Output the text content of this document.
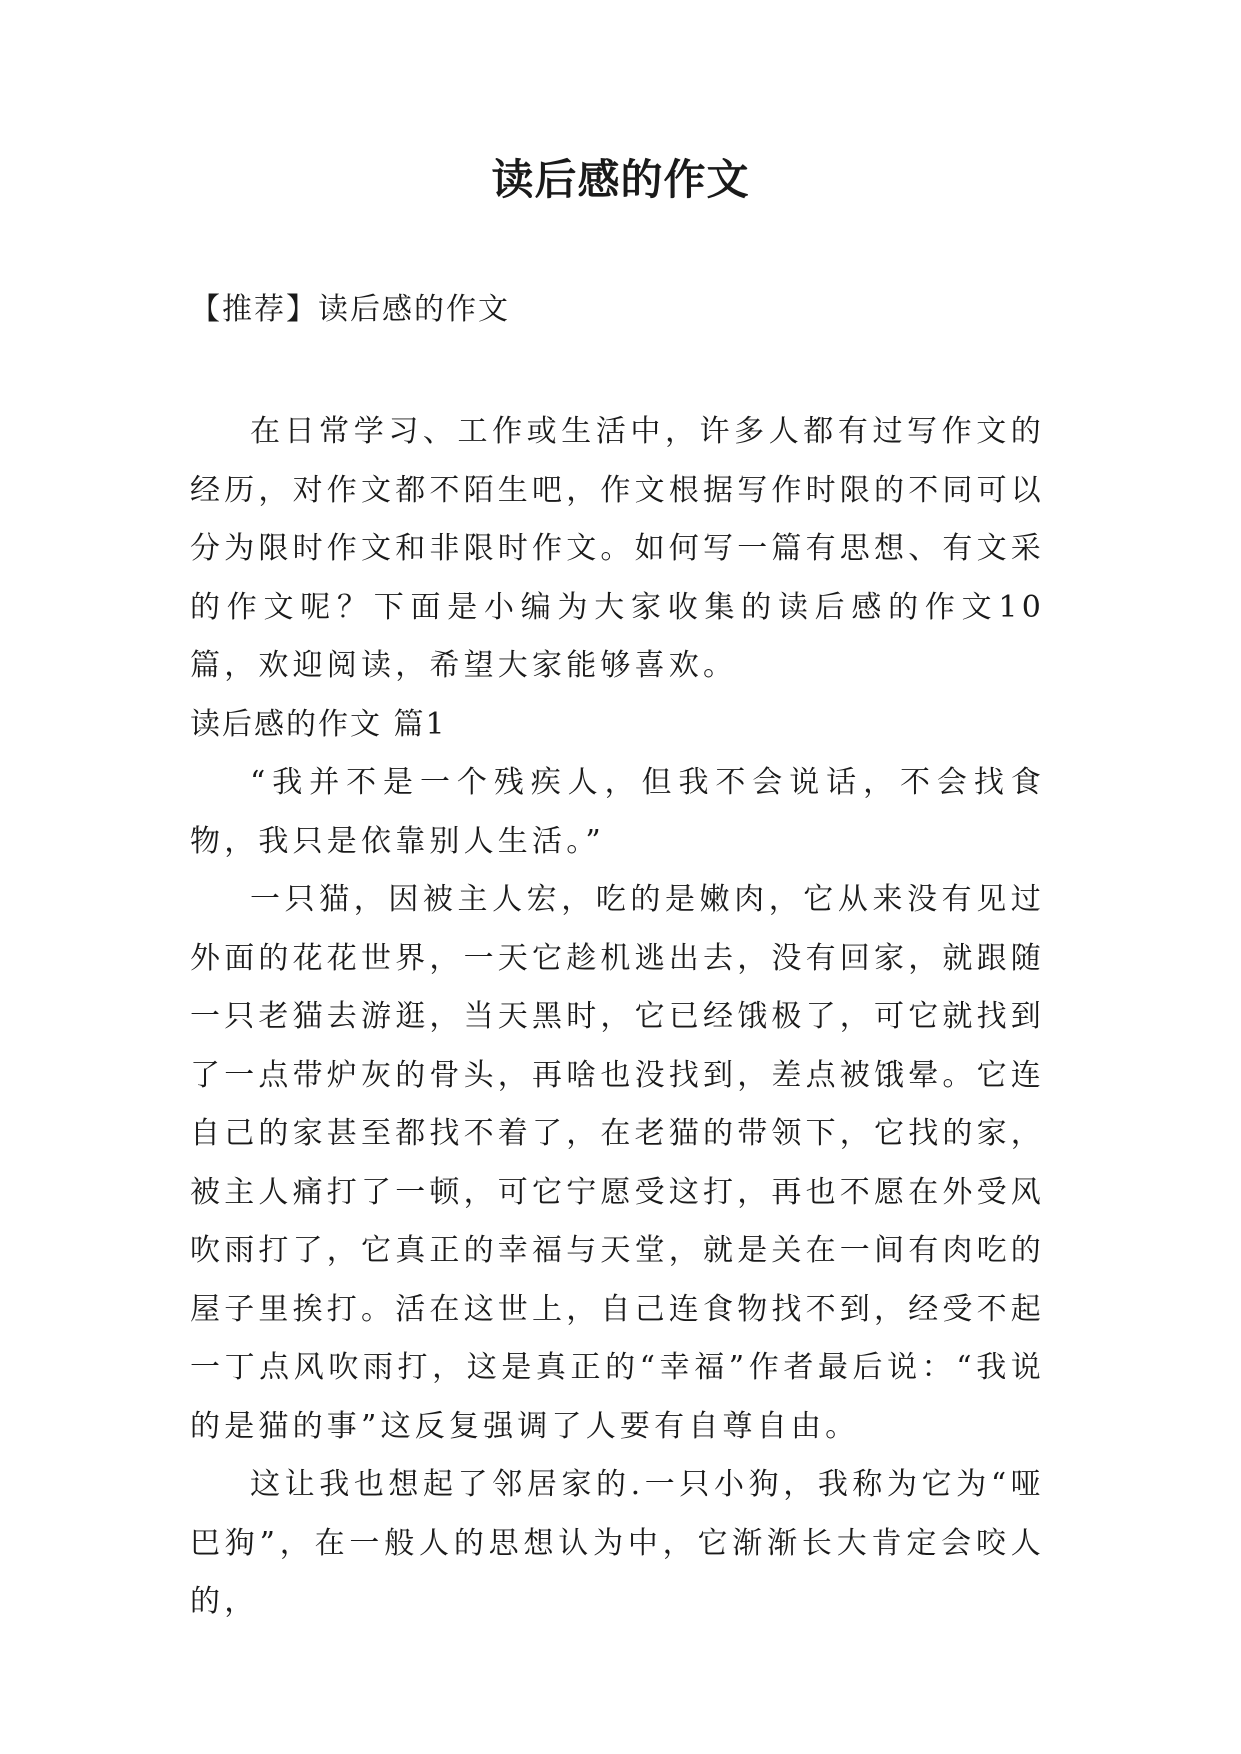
读后感的作文

【推荐】读后感的作文

在日常学习、工作或生活中，许多人都有过写作文的经历，对作文都不陌生吧，作文根据写作时限的不同可以分为限时作文和非限时作文。如何写一篇有思想、有文采的作文呢？下面是小编为大家收集的读后感的作文10篇，欢迎阅读，希望大家能够喜欢。

读后感的作文 篇1

“我并不是一个残疾人，但我不会说话，不会找食物，我只是依靠别人生活。”

一只猫，因被主人宏，吃的是嫩肉，它从来没有见过外面的花花世界，一天它趁机逃出去，没有回家，就跟随一只老猫去游逛，当天黑时，它已经饿极了，可它就找到了一点带炉灰的骨头，再啥也没找到，差点被饿晕。它连自己的家甚至都找不着了，在老猫的带领下，它找的家，被主人痛打了一顿，可它宁愿受这打，再也不愿在外受风吹雨打了，它真正的幸福与天堂，就是关在一间有肉吃的屋子里挨打。活在这世上，自己连食物找不到，经受不起一丁点风吹雨打，这是真正的“幸福”作者最后说：“我说的是猫的事”这反复强调了人要有自尊自由。

这让我也想起了邻居家的.一只小狗，我称为它为“哑巴狗”，在一般人的思想认为中，它渐渐长大肯定会咬人的，
